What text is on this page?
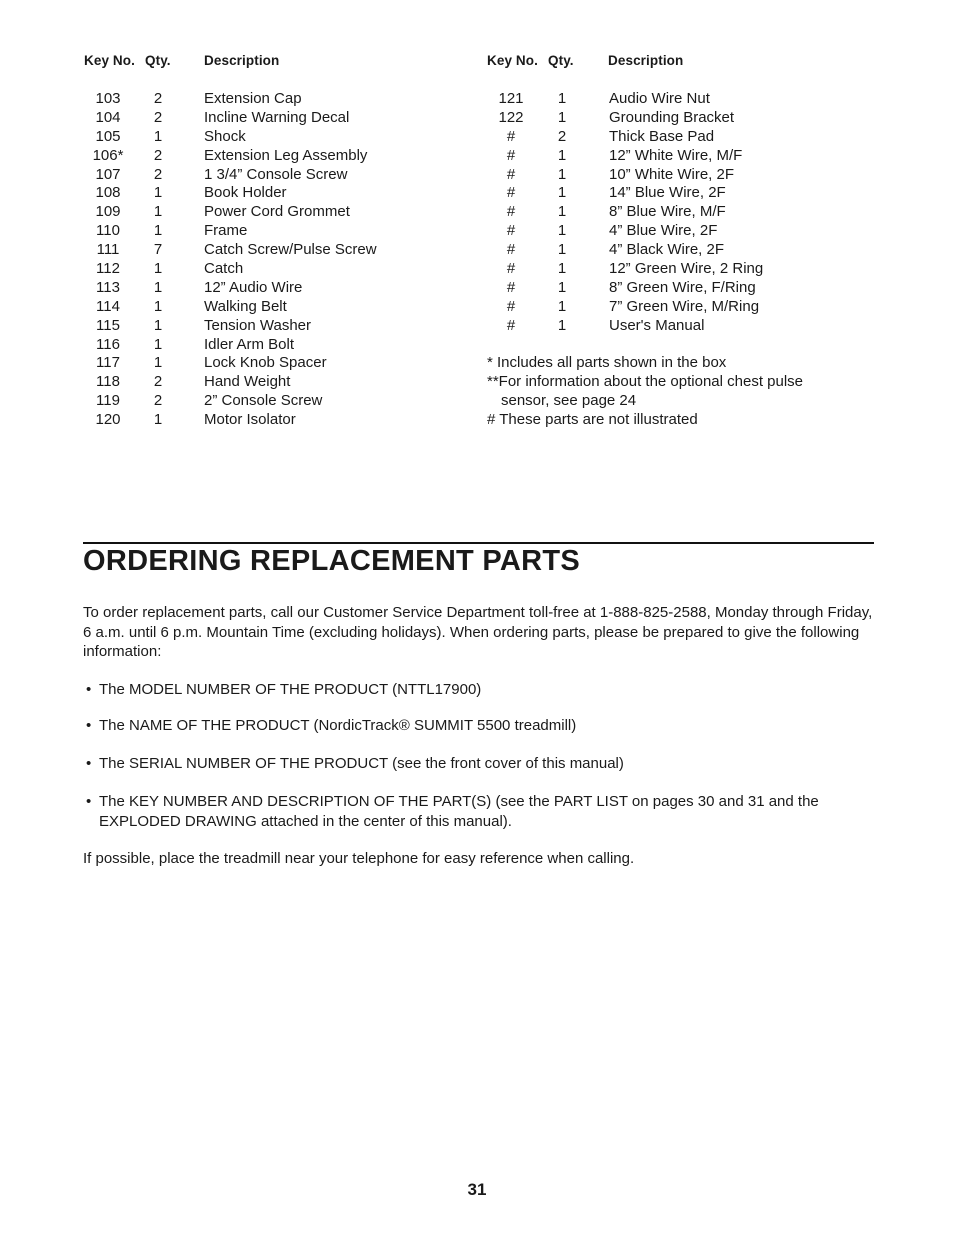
Key No. Qty. Description	Key No. Qty.	Description
103	2	Extension Cap
104	2	Incline Warning Decal
105	1	Shock
106*	2	Extension Leg Assembly
107	2	1 3/4” Console Screw
108	1	Book Holder
109	1	Power Cord Grommet
110	1	Frame
111	7	Catch Screw/Pulse Screw
112	1	Catch
113	1	12” Audio Wire
114	1	Walking Belt
115	1	Tension Washer
116	1	Idler Arm Bolt
117	1	Lock Knob Spacer
118	2	Hand Weight
119	2	2” Console Screw
120	1	Motor Isolator
121	1	Audio Wire Nut
122	1	Grounding Bracket
#	2	Thick Base Pad
#	1	12” White Wire, M/F
#	1	10” White Wire, 2F
#	1	14” Blue Wire, 2F
#	1	8” Blue Wire, M/F
#	1	4” Blue Wire, 2F
#	1	4” Black Wire, 2F
#	1	12” Green Wire, 2 Ring
#	1	8” Green Wire, F/Ring
#	1	7” Green Wire, M/Ring
#	1	User's Manual
* Includes all parts shown in the box
**For information about the optional chest pulse
sensor, see page 24
# These parts are not illustrated
ORDERING REPLACEMENT PARTS

To order replacement parts, call our Customer Service Department toll-free at 1-888-825-2588, Monday through Friday, 6 a.m. until 6 p.m. Mountain Time (excluding holidays). When ordering parts, please be prepared to give the following information:

• The MODEL NUMBER OF THE PRODUCT (NTTL17900)
• The NAME OF THE PRODUCT (NordicTrack® SUMMIT 5500 treadmill)
• The SERIAL NUMBER OF THE PRODUCT (see the front cover of this manual)
• The KEY NUMBER AND DESCRIPTION OF THE PART(S) (see the PART LIST on pages 30 and 31 and the EXPLODED DRAWING attached in the center of this manual).

If possible, place the treadmill near your telephone for easy reference when calling.

31
